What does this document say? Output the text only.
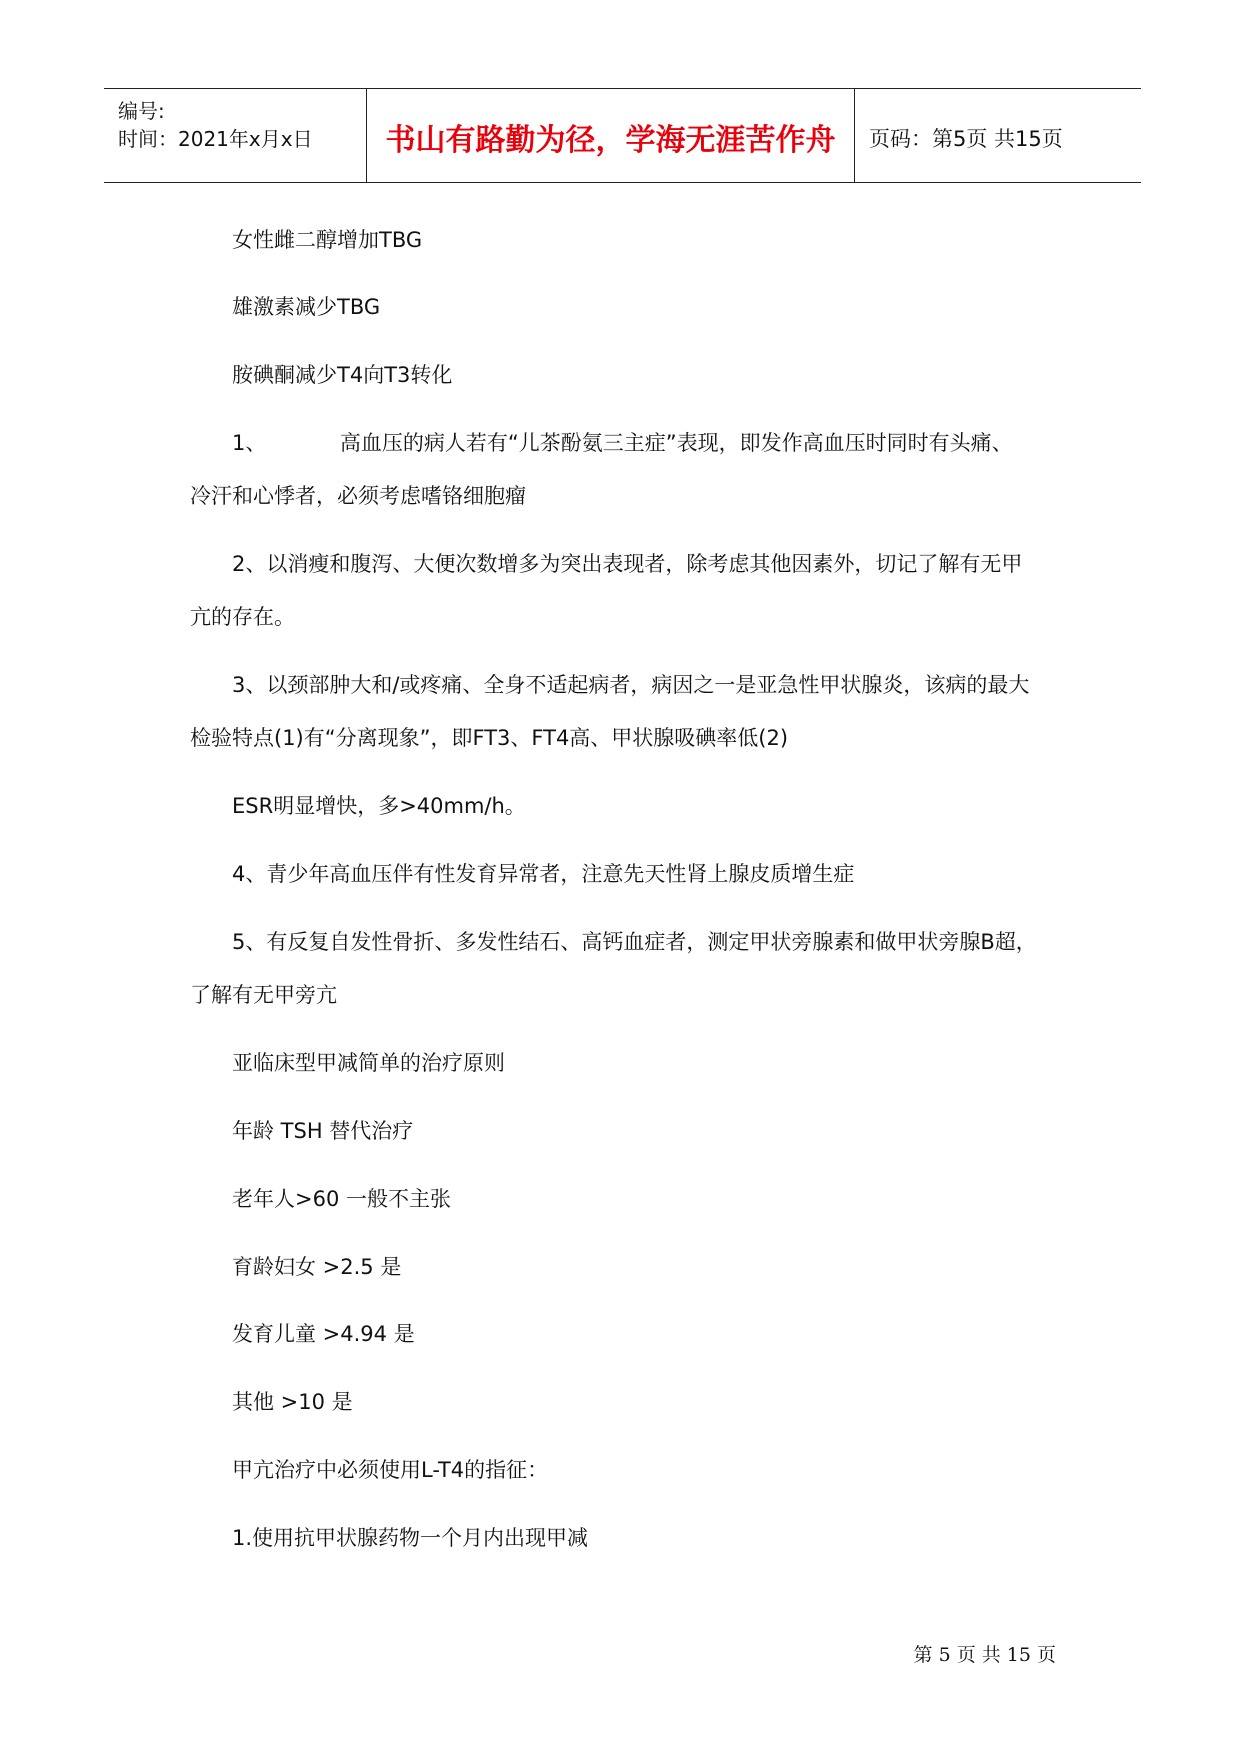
编号:
时间：2021年x月x日	书山有路勤为径，学海无涯苦作舟	页码：第5页 共15页
女性雌二醇增加TBG
雄激素减少TBG
胺碘酮减少T4向T3转化
1、　　　　高血压的病人若有“儿茶酚氨三主症”表现，即发作高血压时同时有头痛、
冷汗和心悸者，必须考虑嗜铬细胞瘤
2、以消瘦和腹泻、大便次数增多为突出表现者，除考虑其他因素外，切记了解有无甲
亢的存在。
3、以颈部肿大和/或疼痛、全身不适起病者，病因之一是亚急性甲状腺炎，该病的最大
检验特点(1)有“分离现象”，即FT3、FT4高、甲状腺吸碘率低(2)
ESR明显增快，多>40mm/h。
4、青少年高血压伴有性发育异常者，注意先天性肾上腺皮质增生症
5、有反复自发性骨折、多发性结石、高钙血症者，测定甲状旁腺素和做甲状旁腺B超，
了解有无甲旁亢
亚临床型甲减简单的治疗原则
年龄 TSH 替代治疗
老年人>60 一般不主张
育龄妇女 >2.5 是
发育儿童 >4.94 是
其他 >10 是
甲亢治疗中必须使用L-T4的指征：
1.使用抗甲状腺药物一个月内出现甲减
第 5 页 共 15 页
